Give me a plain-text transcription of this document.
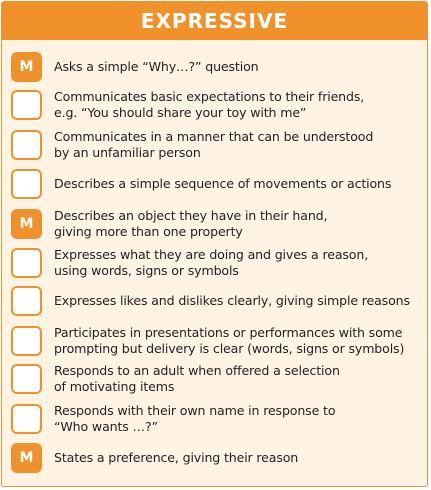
EXPRESSIVE
M Asks a simple “Why…?” question
Communicates basic expectations to their friends,
e.g. “You should share your toy with me”
Communicates in a manner that can be understood
by an unfamiliar person
Describes a simple sequence of movements or actions
M
Describes an object they have in their hand,
giving more than one property
Expresses what they are doing and gives a reason,
using words, signs or symbols
Expresses likes and dislikes clearly, giving simple reasons
Participates in presentations or performances with some
prompting but delivery is clear (words, signs or symbols)
Responds to an adult when offered a selection
of motivating items
Responds with their own name in response to
“Who wants …?”
M States a preference, giving their reason
